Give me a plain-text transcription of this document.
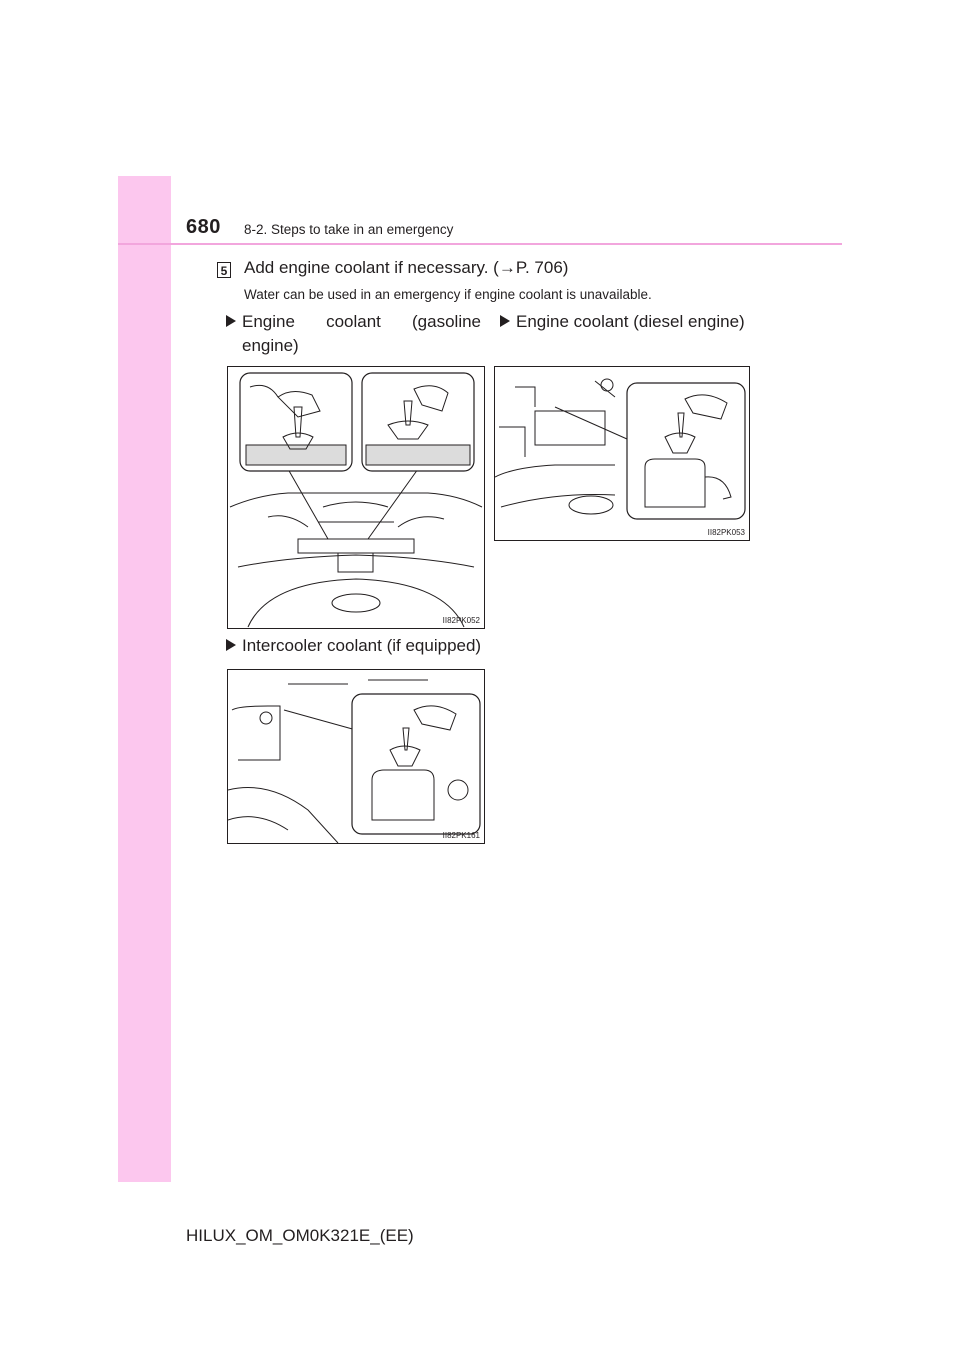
680 8-2. Steps to take in an emergency
5 Add engine coolant if necessary. (→P. 706)
Water can be used in an emergency if engine coolant is unavailable.
Engine coolant (gasoline
engine)
Engine coolant (diesel engine)
II82PK052
II82PK053
Intercooler coolant (if equipped)
II82PK161
HILUX_OM_OM0K321E_(EE)
